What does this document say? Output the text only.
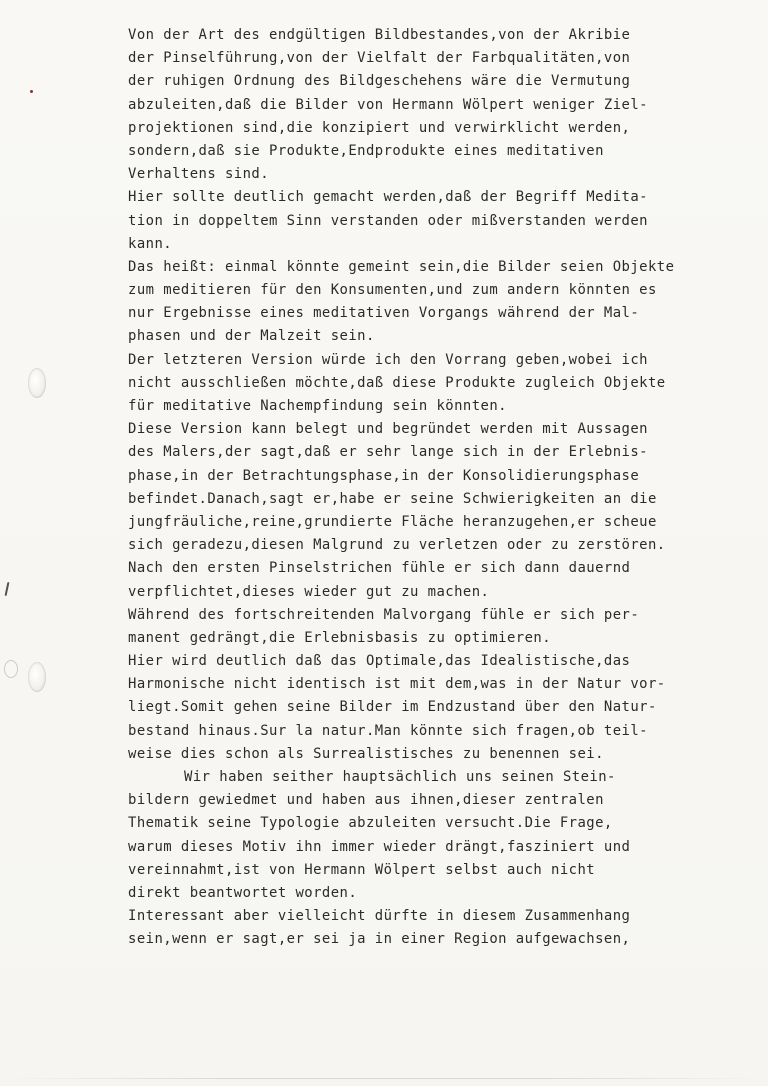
Von der Art des endgültigen Bildbestandes,von der Akribie
der Pinselführung,von der Vielfalt der Farbqualitäten,von
der ruhigen Ordnung des Bildgeschehens wäre die Vermutung
abzuleiten,daß die Bilder von Hermann Wölpert weniger Ziel-
projektionen sind,die konzipiert und verwirklicht werden,
sondern,daß sie Produkte,Endprodukte eines meditativen
Verhaltens sind.
Hier sollte deutlich gemacht werden,daß der Begriff Medita-
tion in doppeltem Sinn verstanden oder mißverstanden werden
kann.
Das heißt: einmal könnte gemeint sein,die Bilder seien Objekte
zum meditieren für den Konsumenten,und zum andern könnten es
nur Ergebnisse eines meditativen Vorgangs während der Mal-
phasen und der Malzeit sein.
Der letzteren Version würde ich den Vorrang geben,wobei ich
nicht ausschließen möchte,daß diese Produkte zugleich Objekte
für meditative Nachempfindung sein könnten.
Diese Version kann belegt und begründet werden mit Aussagen
des Malers,der sagt,daß er sehr lange sich in der Erlebnis-
phase,in der Betrachtungsphase,in der Konsolidierungsphase
befindet.Danach,sagt er,habe er seine Schwierigkeiten an die
jungfräuliche,reine,grundierte Fläche heranzugehen,er scheue
sich geradezu,diesen Malgrund zu verletzen oder zu zerstören.
Nach den ersten Pinselstrichen fühle er sich dann dauernd
verpflichtet,dieses wieder gut zu machen.
Während des fortschreitenden Malvorgang fühle er sich per-
manent gedrängt,die Erlebnisbasis zu optimieren.
Hier wird deutlich daß das Optimale,das Idealistische,das
Harmonische nicht identisch ist mit dem,was in der Natur vor-
liegt.Somit gehen seine Bilder im Endzustand über den Natur-
bestand hinaus.Sur la natur.Man könnte sich fragen,ob teil-
weise dies schon als Surrealistisches zu benennen sei.
Wir haben seither hauptsächlich uns seinen Stein-
bildern gewiedmet und haben aus ihnen,dieser zentralen
Thematik seine Typologie abzuleiten versucht.Die Frage,
warum dieses Motiv ihn immer wieder drängt,fasziniert und
vereinnahmt,ist von Hermann Wölpert selbst auch nicht
direkt beantwortet worden.
Interessant aber vielleicht dürfte in diesem Zusammenhang
sein,wenn er sagt,er sei ja in einer Region aufgewachsen,
